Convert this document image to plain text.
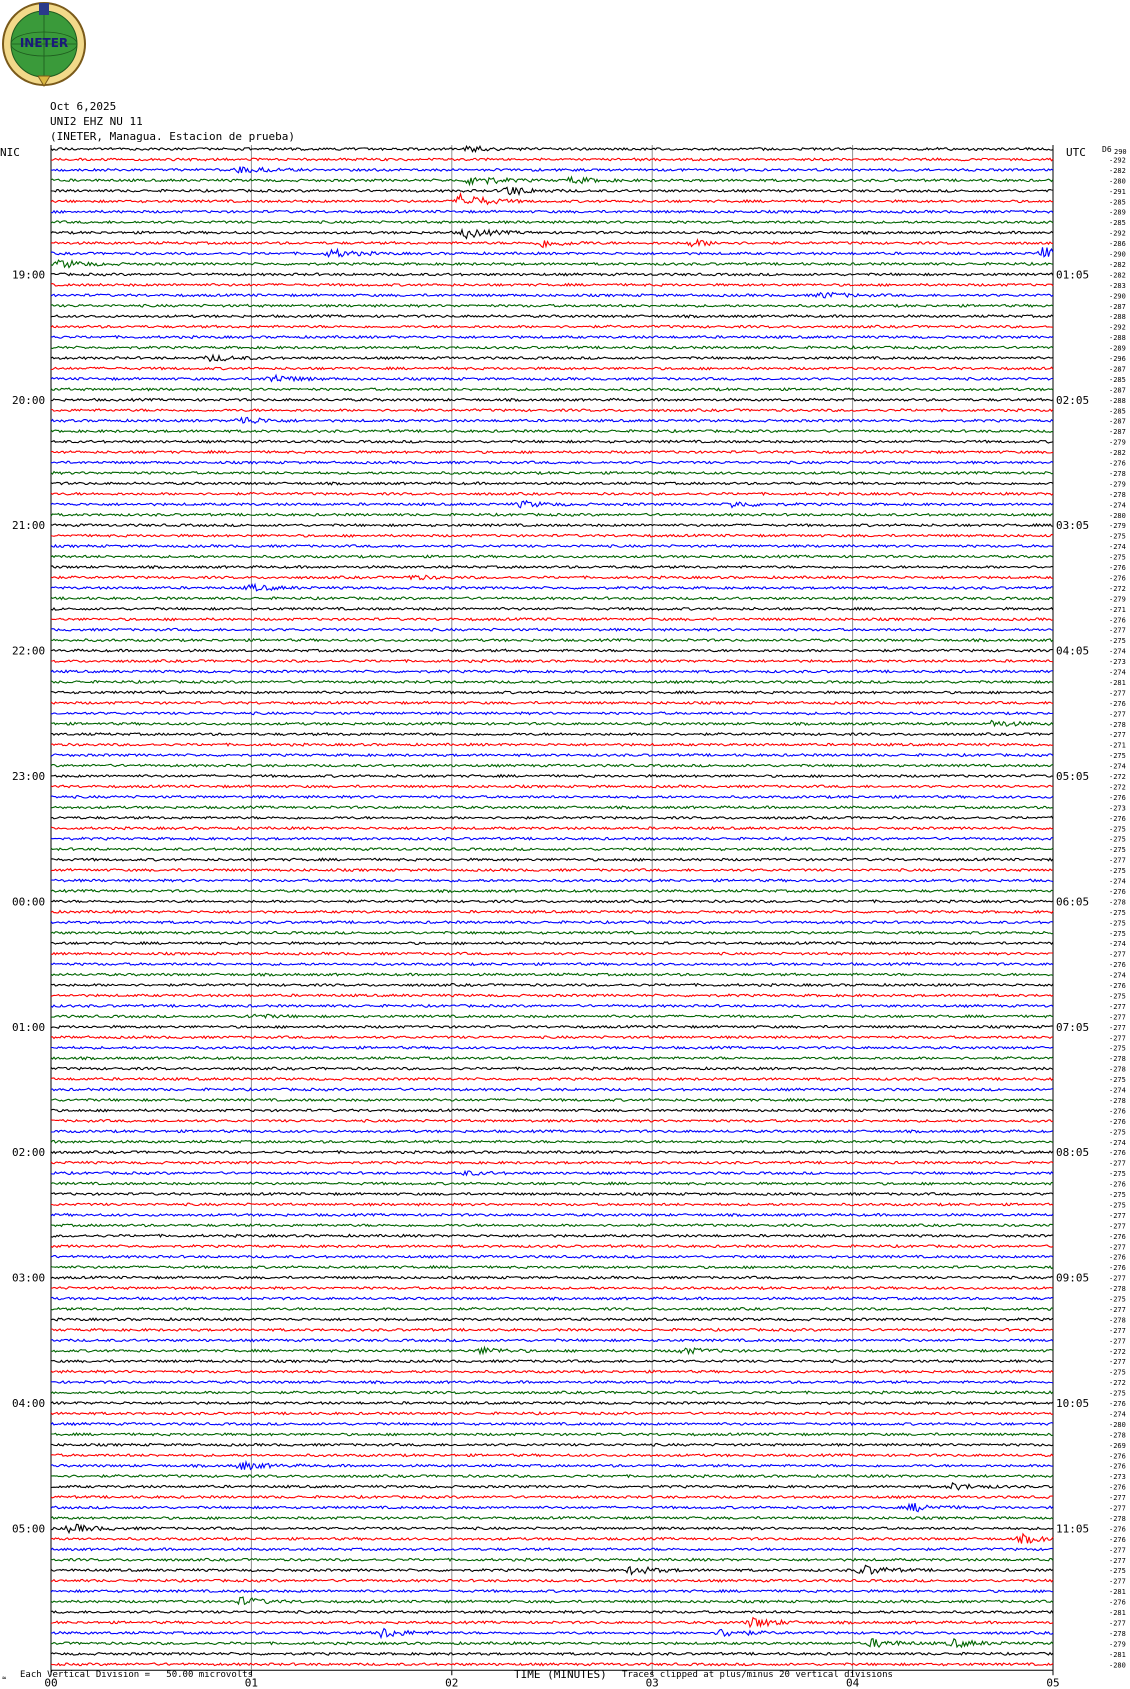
00	01	02	03	04	05
D6 290
-292
-282
-280
-291
-285
-289
-285
-292
-286
-290
-282
-282
-283
-290
-287
-288
-292
-288
-289
-296
-287
-285
-287
-288
-285
-287
-287
-279
-282
-276
-278
-279
-278
-274
-280
-279
-275
-274
-275
-276
-276
-272
-279
-271
-276
-277
-275
-274
-273
-274
-281
-277
-276
-277
-278
-277
-271
-275
-274
-272
-272
-276
-273
-276
-275
-275
-275
-277
-275
-274
-276
-278
-275
-275
-275
-274
-277
-276
-274
-276
-275
-277
-277
-277
-277
-275
-278
-278
-275
-274
-278
-276
-276
-275
-274
-276
-277
-275
-276
-275
-275
-277
-277
-276
-277
-276
-276
-277
-278
-275
-277
-278
-277
-277
-272
-277
-275
-272
-275
-276
-274
-280
-278
-269
-276
-276
-273
-276
-277
-277
-278
-276
-276
-277
-277
-275
-277
-281
-276
-281
-277
-278
-279
-281
-280
19:00
20:00
21:00
22:00
23:00
00:00
01:00
02:00
03:00
04:00
05:00
01:05
02:05
03:05
04:05
05:05
06:05
07:05
08:05
09:05
10:05
11:05
INETER
Oct 6,2025
UNI2 EHZ NU 11
(INETER, Managua. Estacion de prueba)
NIC	UTC
Each Vertical Division =   50.00 microvolts	TIME (MINUTES) Traces clipped at plus/minus 20 vertical divisions
≈
